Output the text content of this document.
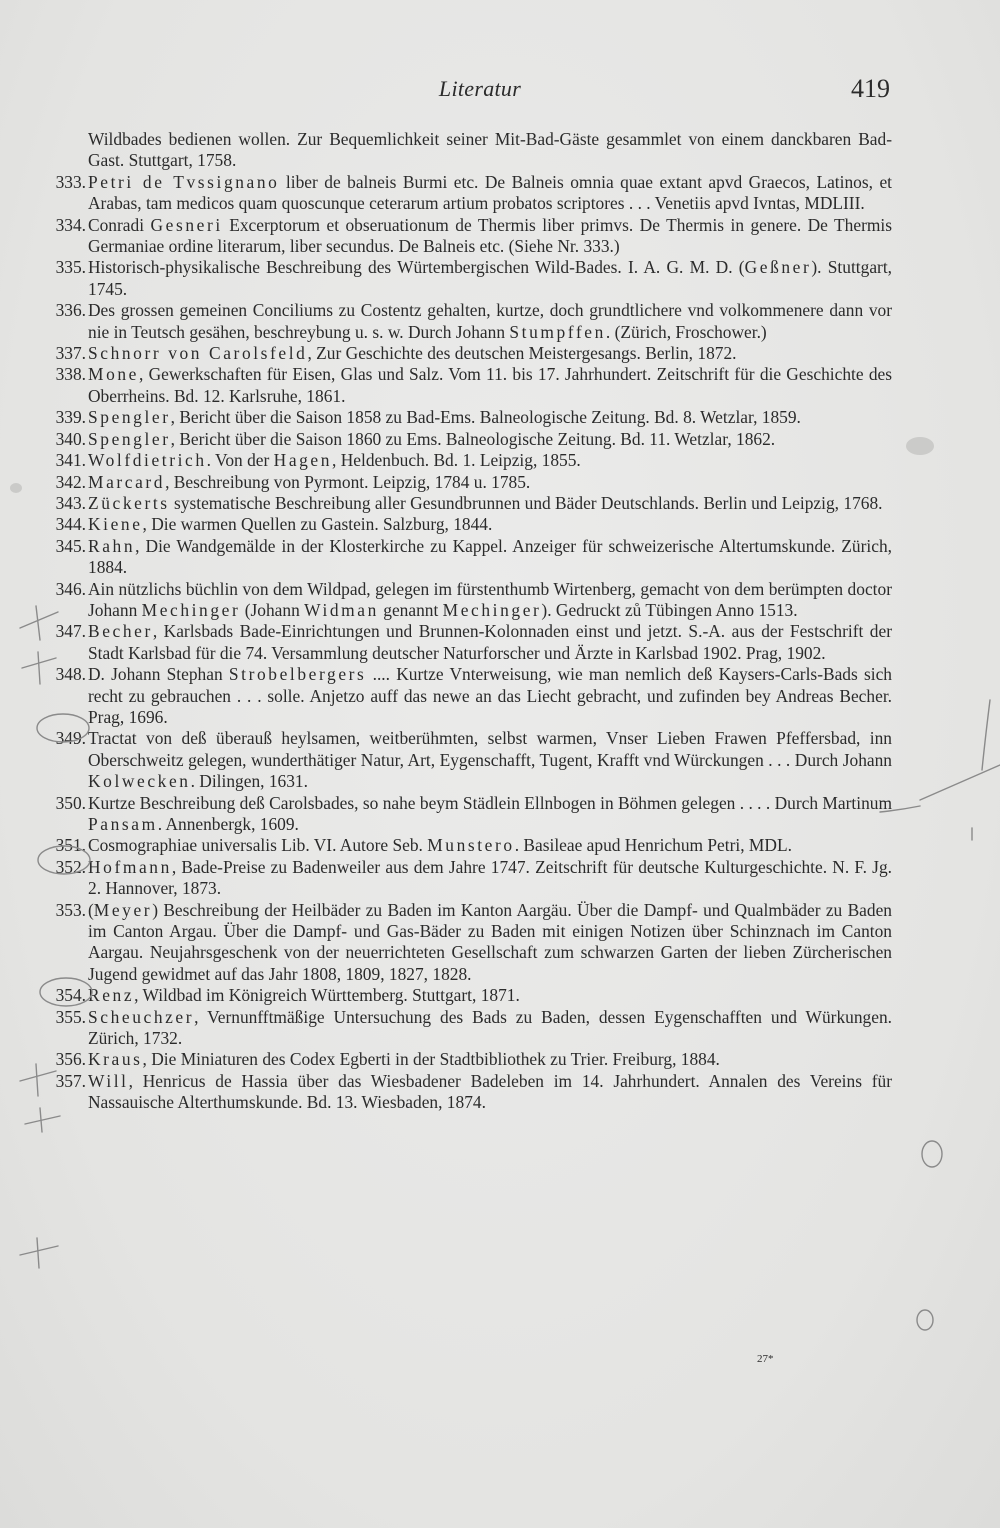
Literatur	419
Wildbades bedienen wollen. Zur Bequemlichkeit seiner Mit-Bad-Gäste gesammlet von einem danckbaren Bad-Gast. Stuttgart, 1758.
333. Petri de Tvssignano liber de balneis Burmi etc. De Balneis omnia quae extant apvd Graecos, Latinos, et Arabas, tam medicos quam quoscunque ceterarum artium probatos scriptores . . . Venetiis apvd Ivntas, MDLIII.
334. Conradi Gesneri Excerptorum et obseruationum de Thermis liber primvs. De Thermis in genere. De Thermis Germaniae ordine literarum, liber secundus. De Balneis etc. (Siehe Nr. 333.)
335. Historisch-physikalische Beschreibung des Würtembergischen Wild-Bades. I. A. G. M. D. (Geßner). Stuttgart, 1745.
336. Des grossen gemeinen Conciliums zu Costentz gehalten, kurtze, doch grundtlichere vnd volkommenere dann vor nie in Teutsch gesähen, beschreybung u. s. w. Durch Johann Stumpffen. (Zürich, Froschower.)
337. Schnorr von Carolsfeld, Zur Geschichte des deutschen Meistergesangs. Berlin, 1872.
338. Mone, Gewerkschaften für Eisen, Glas und Salz. Vom 11. bis 17. Jahrhundert. Zeitschrift für die Geschichte des Oberrheins. Bd. 12. Karlsruhe, 1861.
339. Spengler, Bericht über die Saison 1858 zu Bad-Ems. Balneologische Zeitung. Bd. 8. Wetzlar, 1859.
340. Spengler, Bericht über die Saison 1860 zu Ems. Balneologische Zeitung. Bd. 11. Wetzlar, 1862.
341. Wolfdietrich. Von der Hagen, Heldenbuch. Bd. 1. Leipzig, 1855.
342. Marcard, Beschreibung von Pyrmont. Leipzig, 1784 u. 1785.
343. Zückerts systematische Beschreibung aller Gesundbrunnen und Bäder Deutschlands. Berlin und Leipzig, 1768.
344. Kiene, Die warmen Quellen zu Gastein. Salzburg, 1844.
345. Rahn, Die Wandgemälde in der Klosterkirche zu Kappel. Anzeiger für schweizerische Altertumskunde. Zürich, 1884.
346. Ain nützlichs büchlin von dem Wildpad, gelegen im fürstenthumb Wirtenberg, gemacht von dem berümpten doctor Johann Mechinger (Johann Widman genannt Mechinger). Gedruckt zů Tübingen Anno 1513.
347. Becher, Karlsbads Bade-Einrichtungen und Brunnen-Kolonnaden einst und jetzt. S.-A. aus der Festschrift der Stadt Karlsbad für die 74. Versammlung deutscher Naturforscher und Ärzte in Karlsbad 1902. Prag, 1902.
348. D. Johann Stephan Strobelbergers .... Kurtze Vnterweisung, wie man nemlich deß Kaysers-Carls-Bads sich recht zu gebrauchen . . . solle. Anjetzo auff das newe an das Liecht gebracht, und zufinden bey Andreas Becher. Prag, 1696.
349. Tractat von deß überauß heylsamen, weitberühmten, selbst warmen, Vnser Lieben Frawen Pfeffersbad, inn Oberschweitz gelegen, wunderthätiger Natur, Art, Eygenschafft, Tugent, Krafft vnd Würckungen . . . Durch Johann Kolwecken. Dilingen, 1631.
350. Kurtze Beschreibung deß Carolsbades, so nahe beym Städlein Ellnbogen in Böhmen gelegen . . . . Durch Martinum Pansam. Annenbergk, 1609.
351. Cosmographiae universalis Lib. VI. Autore Seb. Munstero. Basileae apud Henrichum Petri, MDL.
352. Hofmann, Bade-Preise zu Badenweiler aus dem Jahre 1747. Zeitschrift für deutsche Kulturgeschichte. N. F. Jg. 2. Hannover, 1873.
353. (Meyer) Beschreibung der Heilbäder zu Baden im Kanton Aargäu. Über die Dampf- und Qualmbäder zu Baden im Canton Argau. Über die Dampf- und Gas-Bäder zu Baden mit einigen Notizen über Schinznach im Canton Aargau. Neujahrsgeschenk von der neuerrichteten Gesellschaft zum schwarzen Garten der lieben Zürcherischen Jugend gewidmet auf das Jahr 1808, 1809, 1827, 1828.
354. Renz, Wildbad im Königreich Württemberg. Stuttgart, 1871.
355. Scheuchzer, Vernunfftmäßige Untersuchung des Bads zu Baden, dessen Eygenschafften und Würkungen. Zürich, 1732.
356. Kraus, Die Miniaturen des Codex Egberti in der Stadtbibliothek zu Trier. Freiburg, 1884.
357. Will, Henricus de Hassia über das Wiesbadener Badeleben im 14. Jahrhundert. Annalen des Vereins für Nassauische Alterthumskunde. Bd. 13. Wiesbaden, 1874.
27*
